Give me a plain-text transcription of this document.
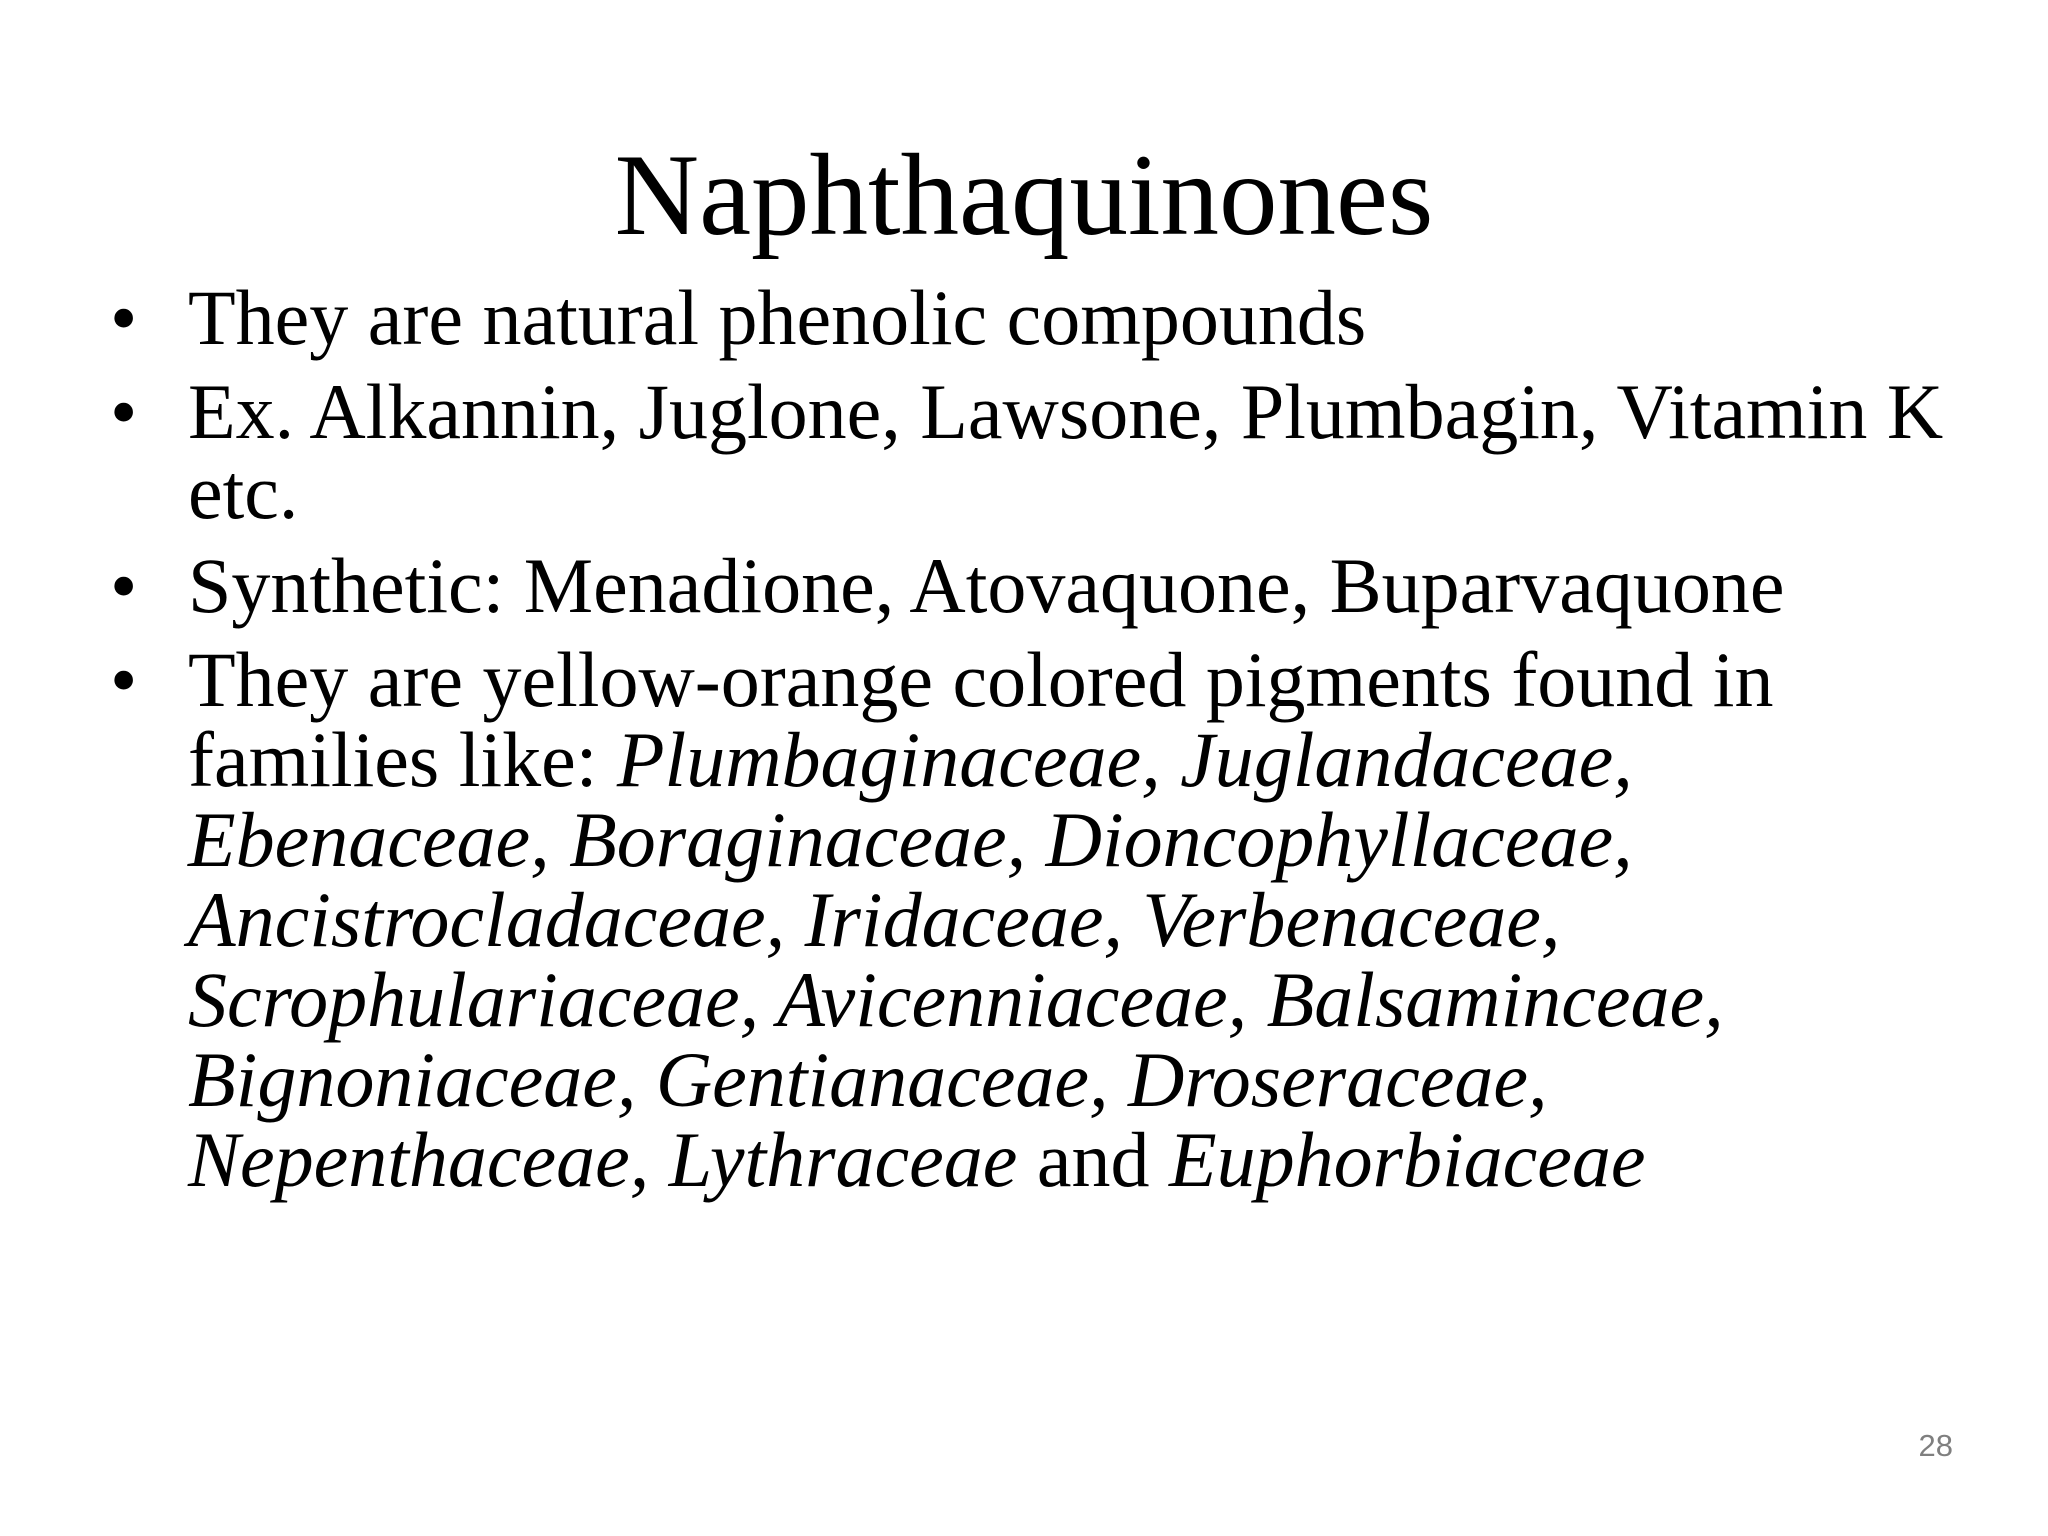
Naphthaquinones
• They are natural phenolic compounds
• Ex. Alkannin, Juglone, Lawsone, Plumbagin, Vitamin K etc.
• Synthetic: Menadione, Atovaquone, Buparvaquone
• They are yellow-orange colored pigments found in families like: Plumbaginaceae, Juglandaceae, Ebenaceae, Boraginaceae, Dioncophyllaceae, Ancistrocladaceae, Iridaceae, Verbenaceae, Scrophulariaceae, Avicenniaceae, Balsaminceae, Bignoniaceae, Gentianaceae, Droseraceae, Nepenthaceae, Lythraceae and Euphorbiaceae
28
